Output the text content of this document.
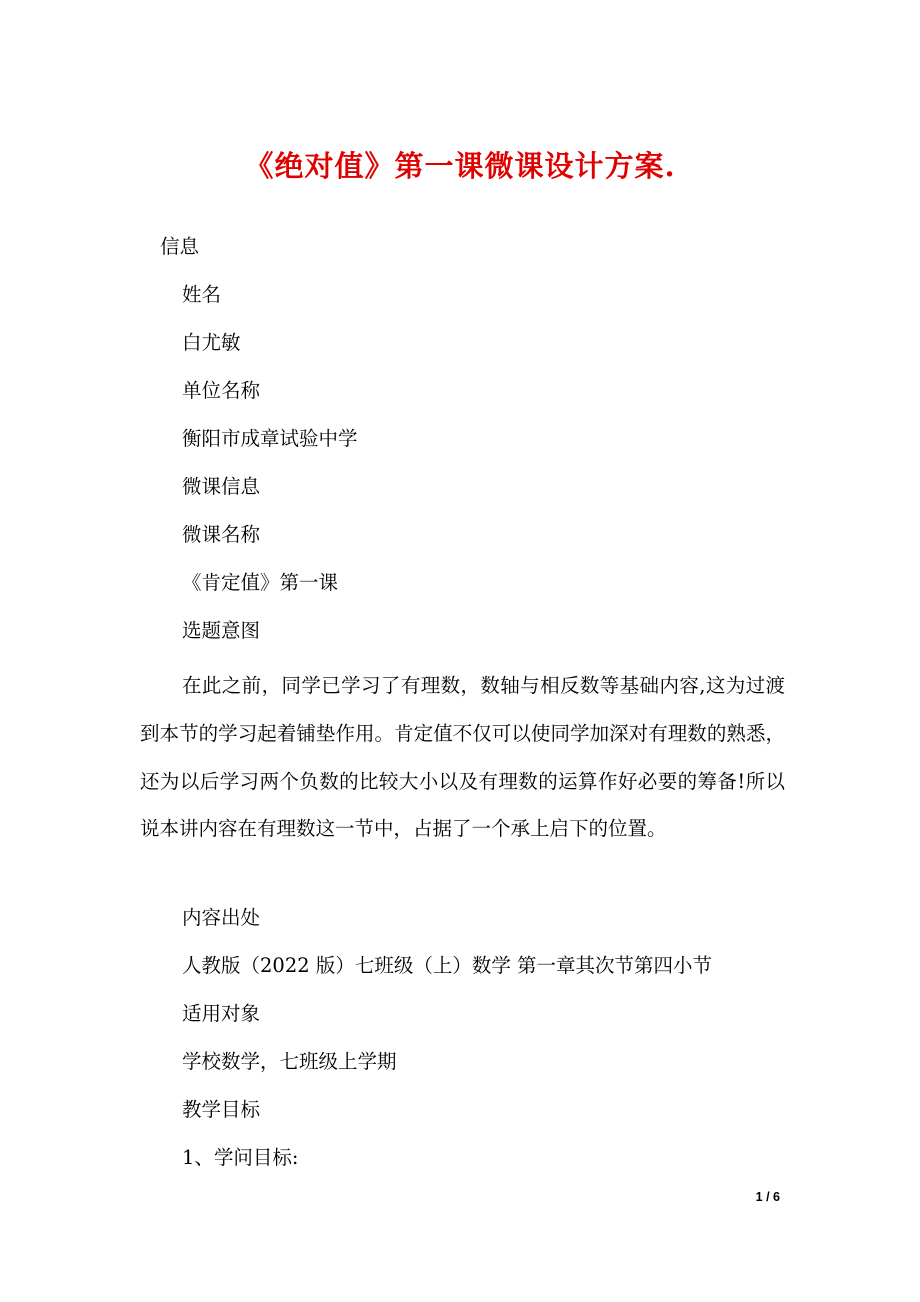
《绝对值》第一课微课设计方案.
信息
姓名
白尤敏
单位名称
衡阳市成章试验中学
微课信息
微课名称
《肯定值》第一课
选题意图
在此之前，同学已学习了有理数，数轴与相反数等基础内容,这为过渡到本节的学习起着铺垫作用。肯定值不仅可以使同学加深对有理数的熟悉，还为以后学习两个负数的比较大小以及有理数的运算作好必要的筹备!所以说本讲内容在有理数这一节中，占据了一个承上启下的位置。
内容出处
人教版（2022 版）七班级（上）数学 第一章其次节第四小节
适用对象
学校数学，七班级上学期
教学目标
1、学问目标:
1 / 6
